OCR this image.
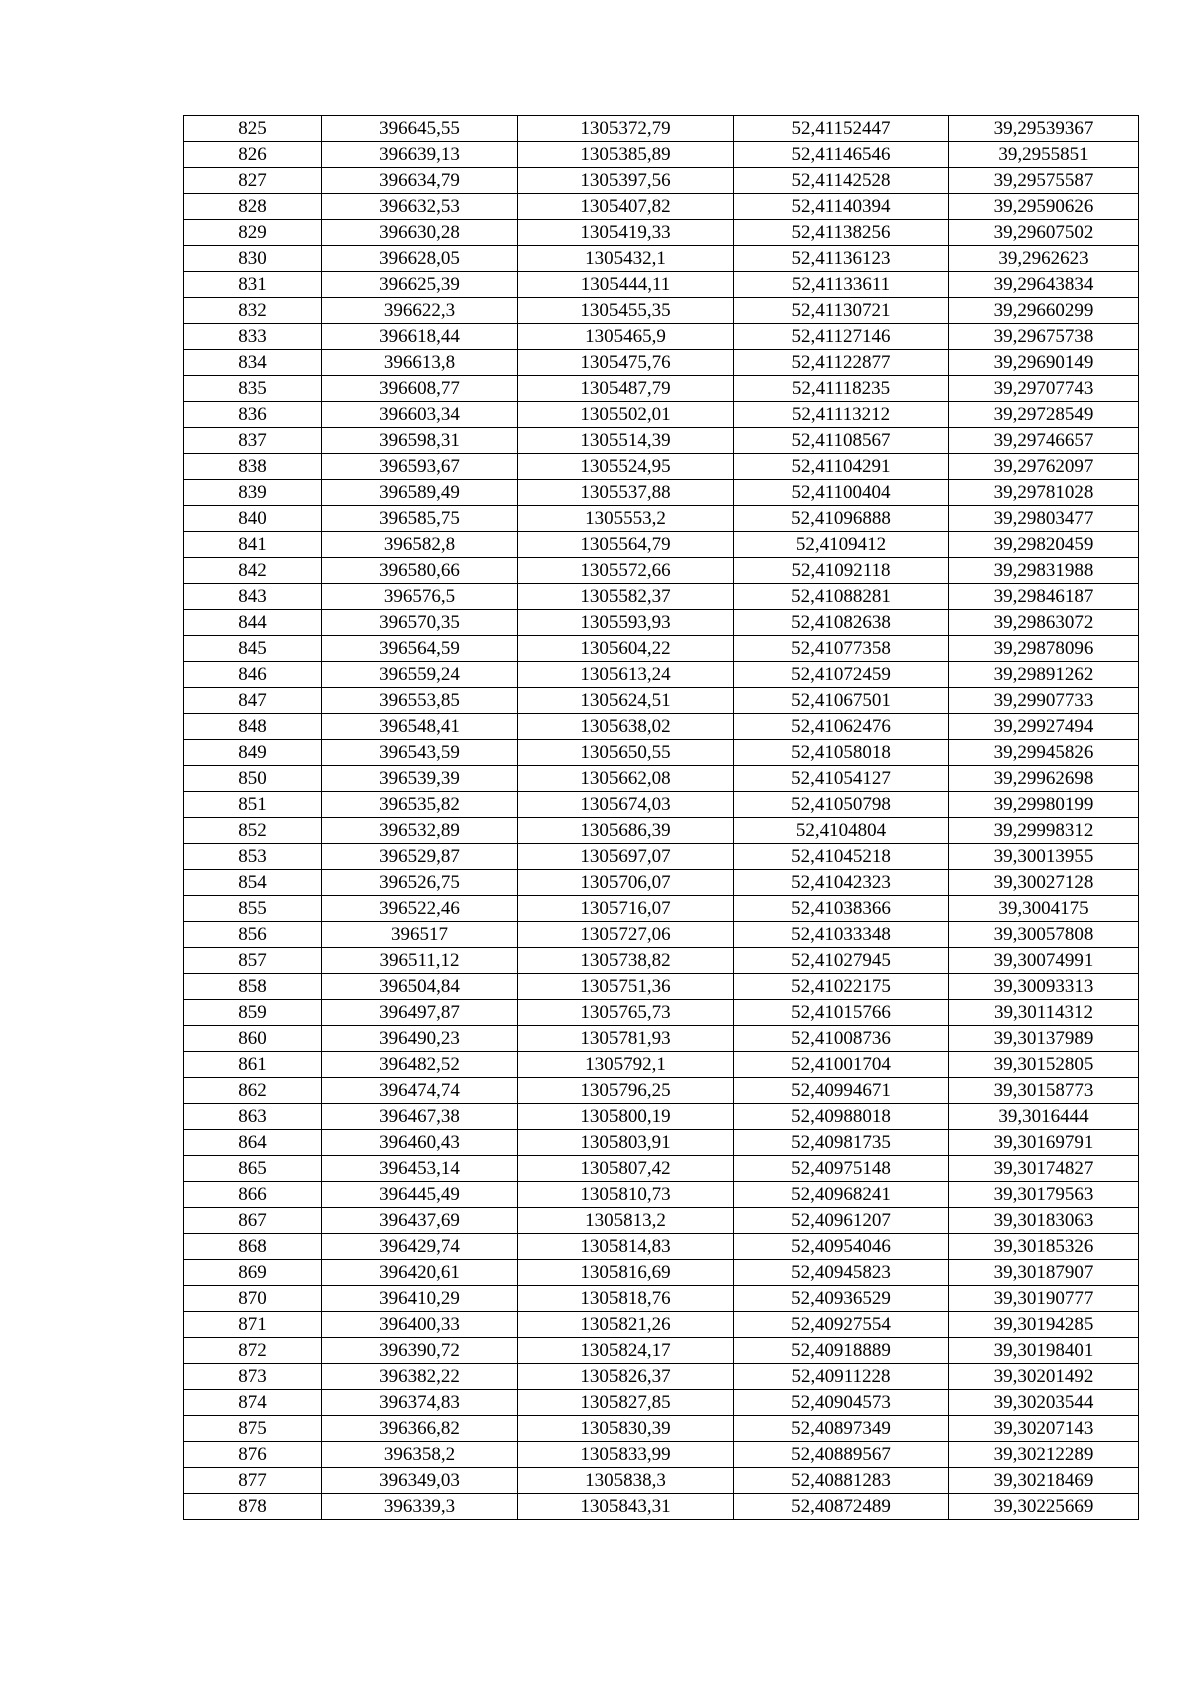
825	396645,55	1305372,79	52,41152447	39,29539367
826	396639,13	1305385,89	52,41146546	39,2955851
827	396634,79	1305397,56	52,41142528	39,29575587
828	396632,53	1305407,82	52,41140394	39,29590626
829	396630,28	1305419,33	52,41138256	39,29607502
830	396628,05	1305432,1	52,41136123	39,2962623
831	396625,39	1305444,11	52,41133611	39,29643834
832	396622,3	1305455,35	52,41130721	39,29660299
833	396618,44	1305465,9	52,41127146	39,29675738
834	396613,8	1305475,76	52,41122877	39,29690149
835	396608,77	1305487,79	52,41118235	39,29707743
836	396603,34	1305502,01	52,41113212	39,29728549
837	396598,31	1305514,39	52,41108567	39,29746657
838	396593,67	1305524,95	52,41104291	39,29762097
839	396589,49	1305537,88	52,41100404	39,29781028
840	396585,75	1305553,2	52,41096888	39,29803477
841	396582,8	1305564,79	52,4109412	39,29820459
842	396580,66	1305572,66	52,41092118	39,29831988
843	396576,5	1305582,37	52,41088281	39,29846187
844	396570,35	1305593,93	52,41082638	39,29863072
845	396564,59	1305604,22	52,41077358	39,29878096
846	396559,24	1305613,24	52,41072459	39,29891262
847	396553,85	1305624,51	52,41067501	39,29907733
848	396548,41	1305638,02	52,41062476	39,29927494
849	396543,59	1305650,55	52,41058018	39,29945826
850	396539,39	1305662,08	52,41054127	39,29962698
851	396535,82	1305674,03	52,41050798	39,29980199
852	396532,89	1305686,39	52,4104804	39,29998312
853	396529,87	1305697,07	52,41045218	39,30013955
854	396526,75	1305706,07	52,41042323	39,30027128
855	396522,46	1305716,07	52,41038366	39,3004175
856	396517	1305727,06	52,41033348	39,30057808
857	396511,12	1305738,82	52,41027945	39,30074991
858	396504,84	1305751,36	52,41022175	39,30093313
859	396497,87	1305765,73	52,41015766	39,30114312
860	396490,23	1305781,93	52,41008736	39,30137989
861	396482,52	1305792,1	52,41001704	39,30152805
862	396474,74	1305796,25	52,40994671	39,30158773
863	396467,38	1305800,19	52,40988018	39,3016444
864	396460,43	1305803,91	52,40981735	39,30169791
865	396453,14	1305807,42	52,40975148	39,30174827
866	396445,49	1305810,73	52,40968241	39,30179563
867	396437,69	1305813,2	52,40961207	39,30183063
868	396429,74	1305814,83	52,40954046	39,30185326
869	396420,61	1305816,69	52,40945823	39,30187907
870	396410,29	1305818,76	52,40936529	39,30190777
871	396400,33	1305821,26	52,40927554	39,30194285
872	396390,72	1305824,17	52,40918889	39,30198401
873	396382,22	1305826,37	52,40911228	39,30201492
874	396374,83	1305827,85	52,40904573	39,30203544
875	396366,82	1305830,39	52,40897349	39,30207143
876	396358,2	1305833,99	52,40889567	39,30212289
877	396349,03	1305838,3	52,40881283	39,30218469
878	396339,3	1305843,31	52,40872489	39,30225669
